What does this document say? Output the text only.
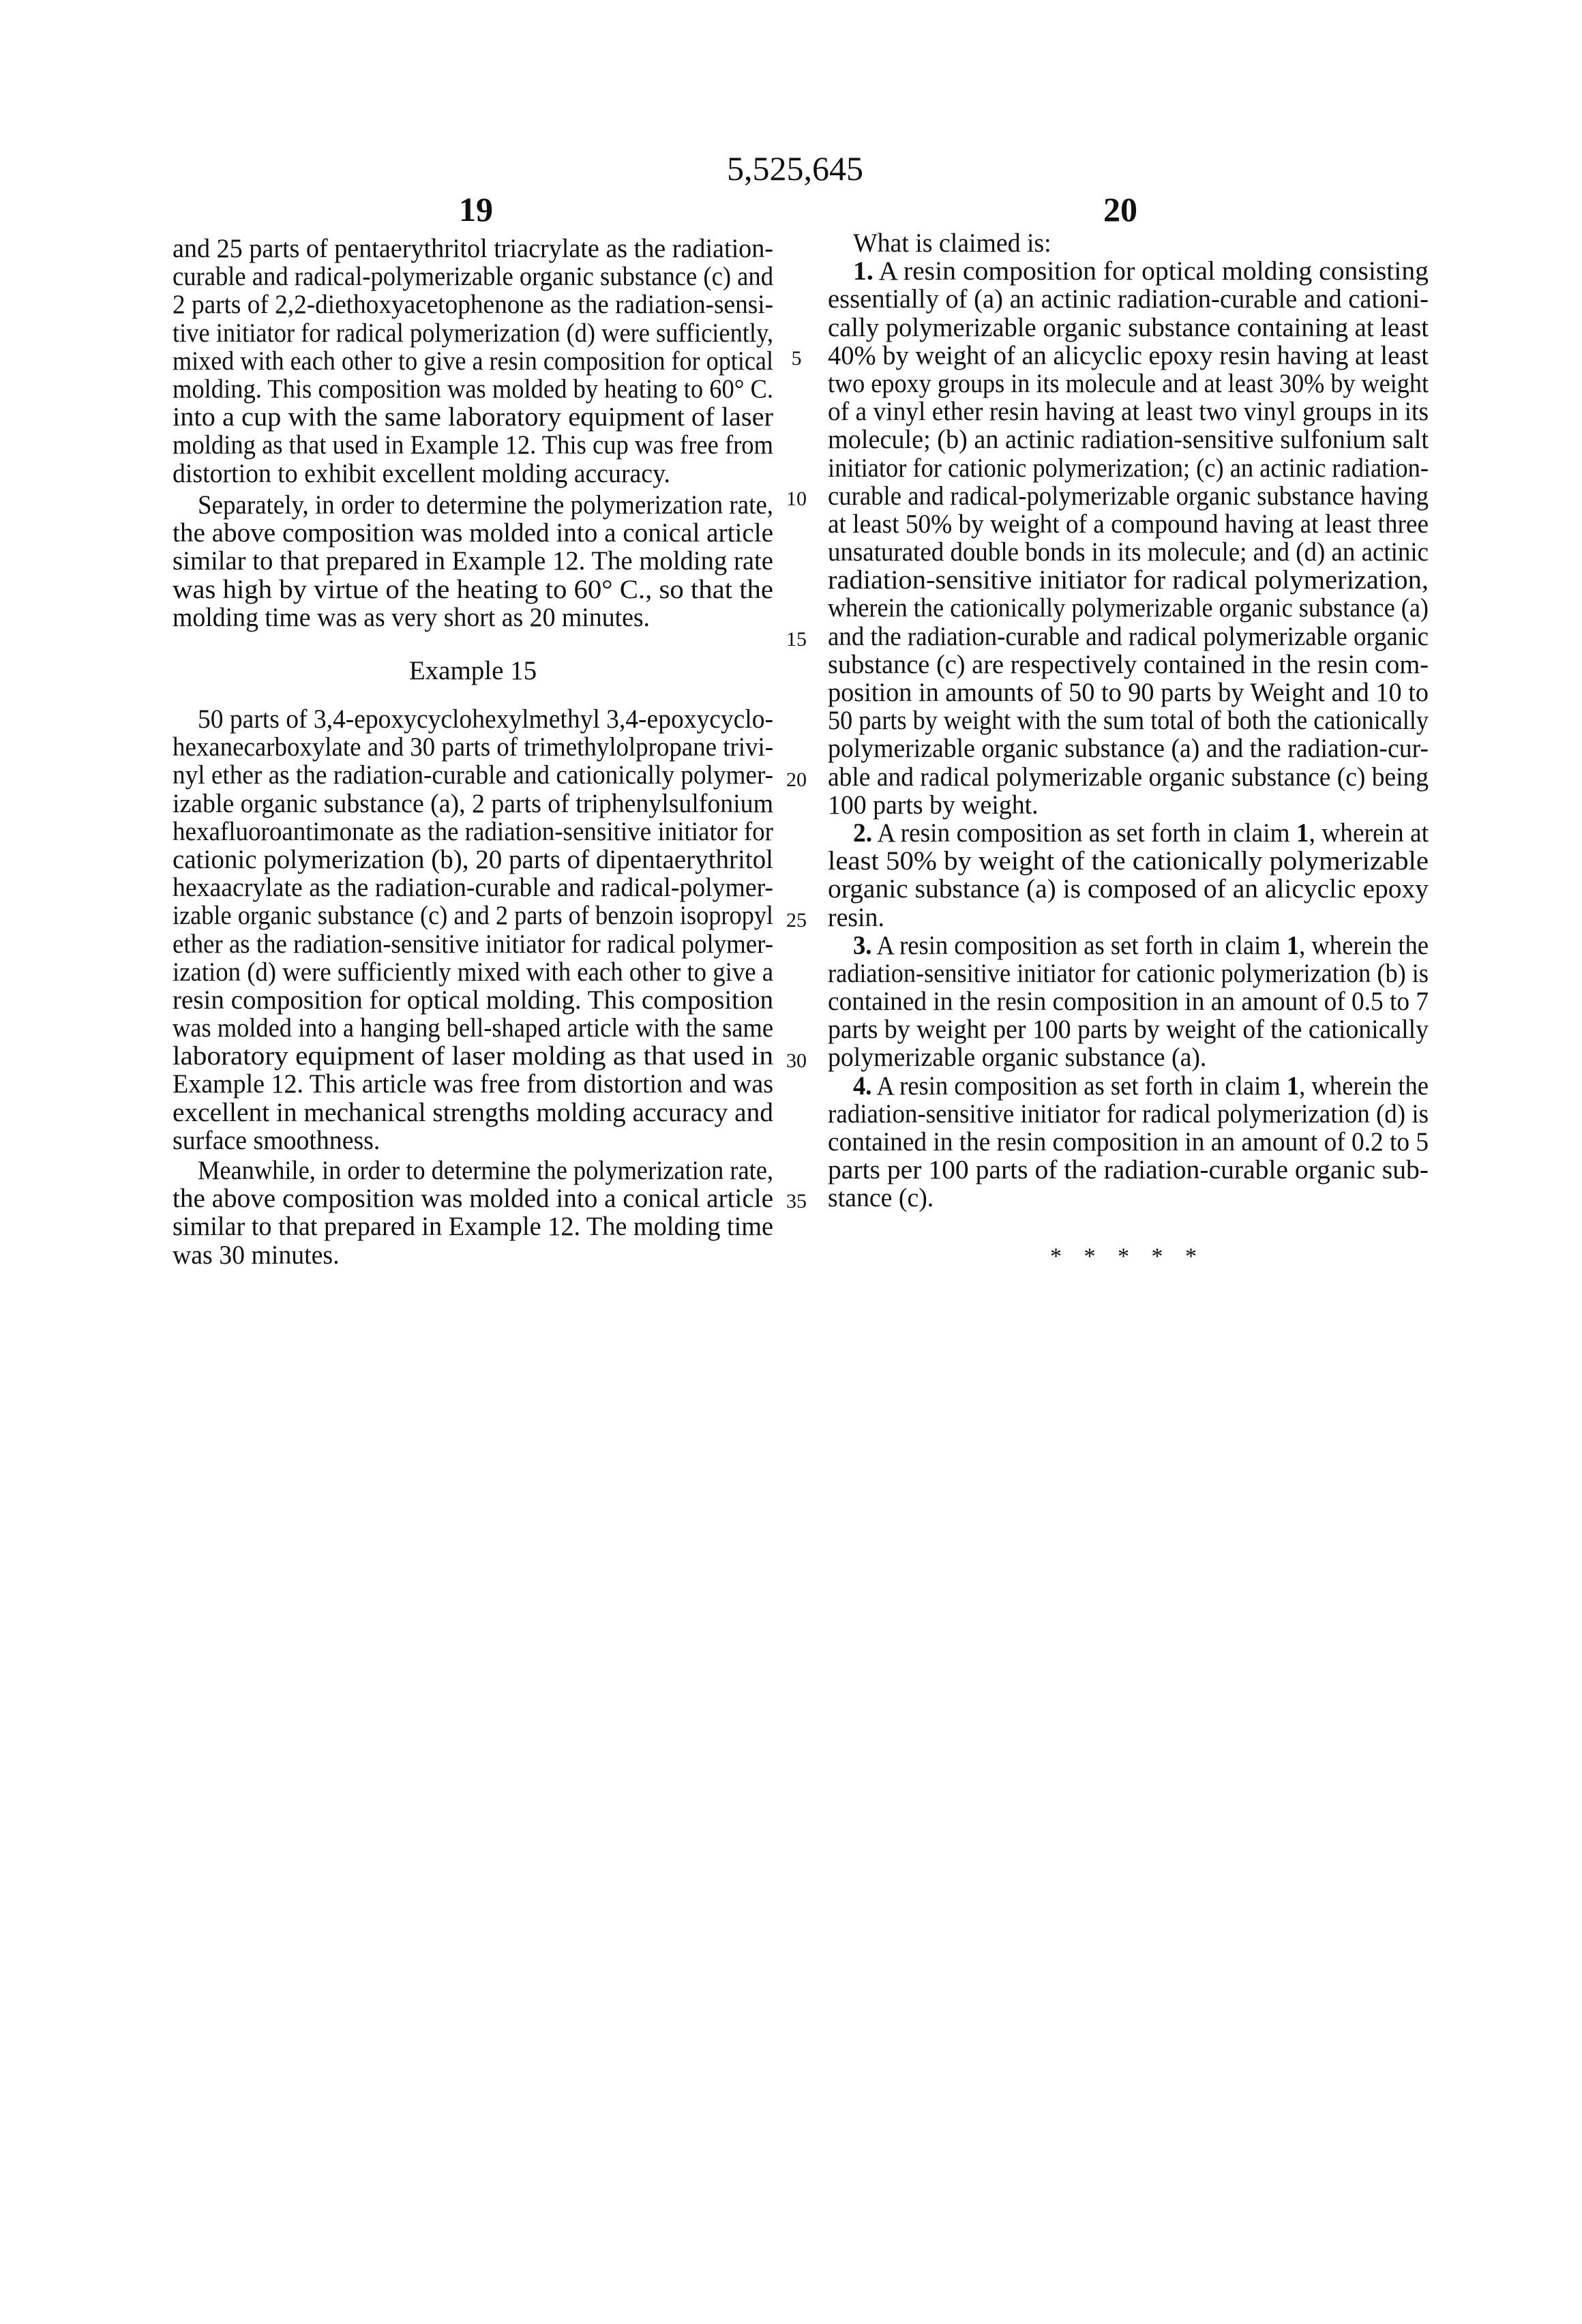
5,525,645
19	20
and 25 parts of pentaerythritol triacrylate as the radiation-
curable and radical-polymerizable organic substance (c) and
2 parts of 2,2-diethoxyacetophenone as the radiation-sensi-
tive initiator for radical polymerization (d) were sufficiently,
mixed with each other to give a resin composition for optical
molding. This composition was molded by heating to 60° C.
into a cup with the same laboratory equipment of laser
molding as that used in Example 12. This cup was free from
distortion to exhibit excellent molding accuracy.
Separately, in order to determine the polymerization rate,
the above composition was molded into a conical article
similar to that prepared in Example 12. The molding rate
was high by virtue of the heating to 60° C., so that the
molding time was as very short as 20 minutes.
Example 15
50 parts of 3,4-epoxycyclohexylmethyl 3,4-epoxycyclo-
hexanecarboxylate and 30 parts of trimethylolpropane trivi-
nyl ether as the radiation-curable and cationically polymer-
izable organic substance (a), 2 parts of triphenylsulfonium
hexafluoroantimonate as the radiation-sensitive initiator for
cationic polymerization (b), 20 parts of dipentaerythritol
hexaacrylate as the radiation-curable and radical-polymer-
izable organic substance (c) and 2 parts of benzoin isopropyl
ether as the radiation-sensitive initiator for radical polymer-
ization (d) were sufficiently mixed with each other to give a
resin composition for optical molding. This composition
was molded into a hanging bell-shaped article with the same
laboratory equipment of laser molding as that used in
Example 12. This article was free from distortion and was
excellent in mechanical strengths molding accuracy and
surface smoothness.
Meanwhile, in order to determine the polymerization rate,
the above composition was molded into a conical article
similar to that prepared in Example 12. The molding time
was 30 minutes.
What is claimed is:
1. A resin composition for optical molding consisting
essentially of (a) an actinic radiation-curable and cationi-
cally polymerizable organic substance containing at least
40% by weight of an alicyclic epoxy resin having at least
two epoxy groups in its molecule and at least 30% by weight
of a vinyl ether resin having at least two vinyl groups in its
molecule; (b) an actinic radiation-sensitive sulfonium salt
initiator for cationic polymerization; (c) an actinic radiation-
curable and radical-polymerizable organic substance having
at least 50% by weight of a compound having at least three
unsaturated double bonds in its molecule; and (d) an actinic
radiation-sensitive initiator for radical polymerization,
wherein the cationically polymerizable organic substance (a)
and the radiation-curable and radical polymerizable organic
substance (c) are respectively contained in the resin com-
position in amounts of 50 to 90 parts by Weight and 10 to
50 parts by weight with the sum total of both the cationically
polymerizable organic substance (a) and the radiation-cur-
able and radical polymerizable organic substance (c) being
100 parts by weight.
2. A resin composition as set forth in claim 1, wherein at
least 50% by weight of the cationically polymerizable
organic substance (a) is composed of an alicyclic epoxy
resin.
3. A resin composition as set forth in claim 1, wherein the
radiation-sensitive initiator for cationic polymerization (b) is
contained in the resin composition in an amount of 0.5 to 7
parts by weight per 100 parts by weight of the cationically
polymerizable organic substance (a).
4. A resin composition as set forth in claim 1, wherein the
radiation-sensitive initiator for radical polymerization (d) is
contained in the resin composition in an amount of 0.2 to 5
parts per 100 parts of the radiation-curable organic sub-
stance (c).
5
10
15
20
25
30
35
* * * * *
